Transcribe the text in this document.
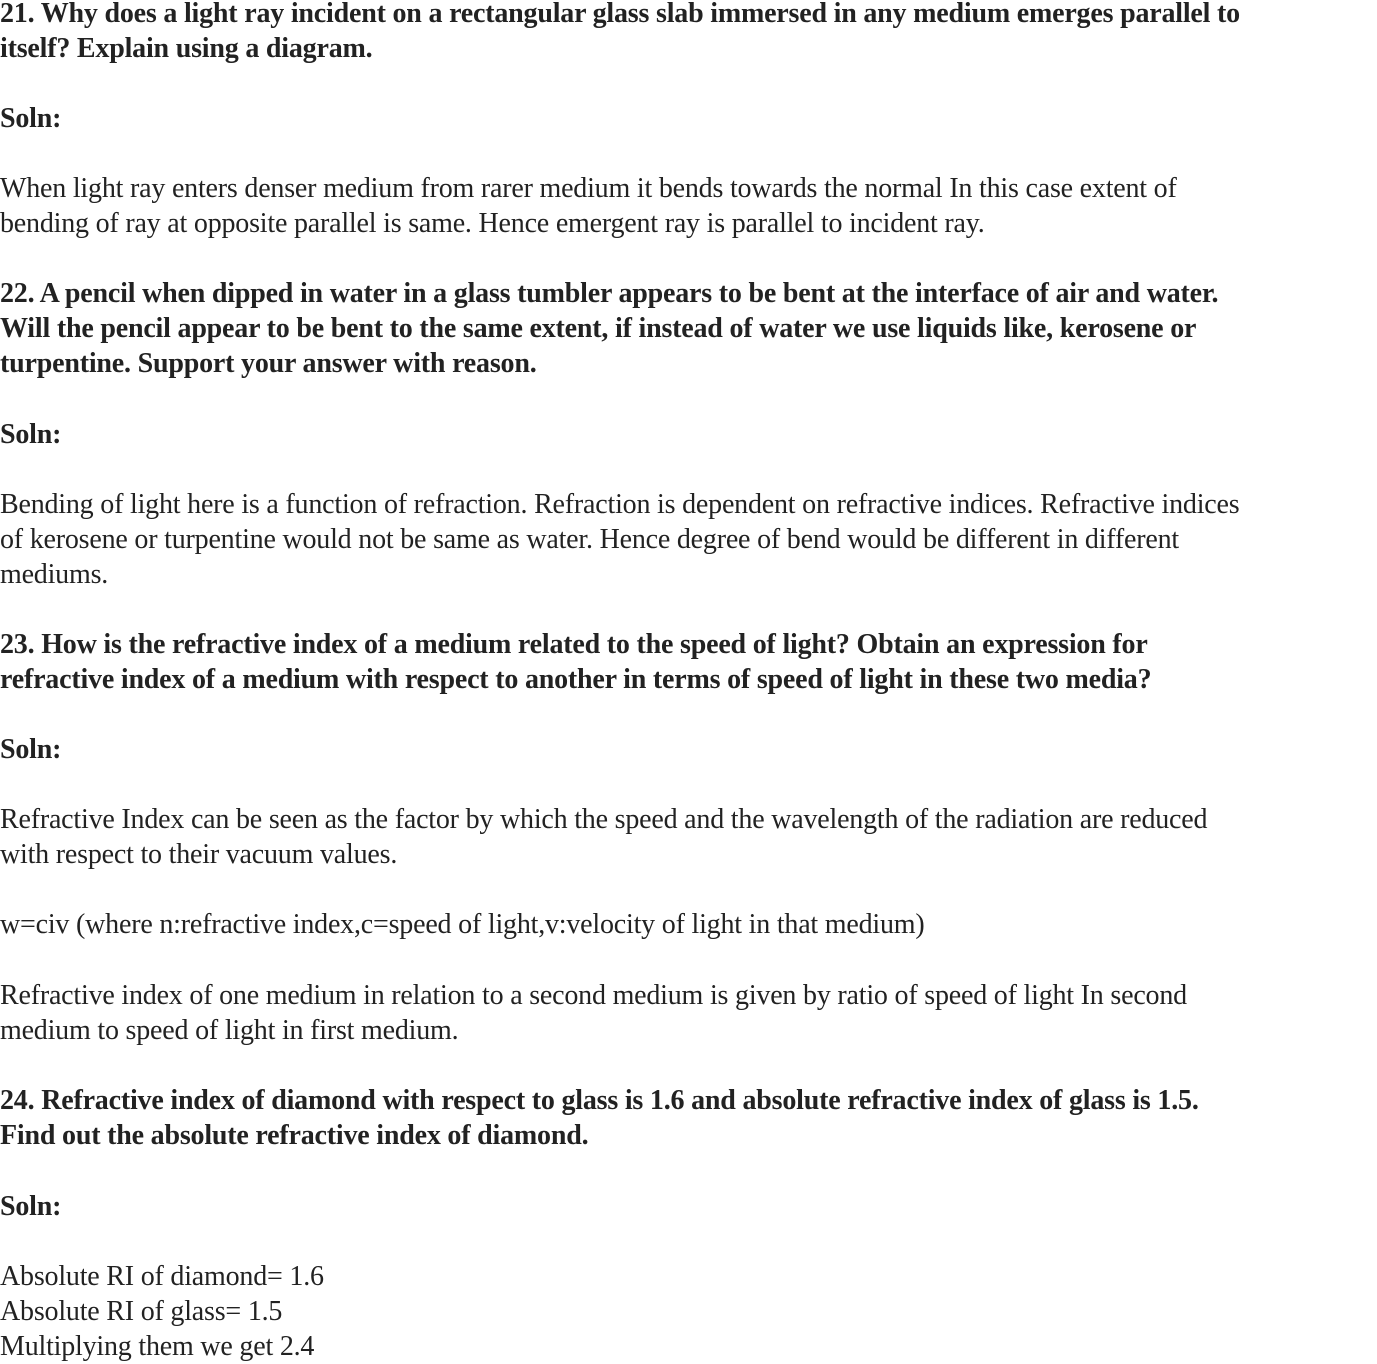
21. Why does a light ray incident on a rectangular glass slab immersed in any medium emerges parallel to
itself? Explain using a diagram.
Soln:
When light ray enters denser medium from rarer medium it bends towards the normal In this case extent of
bending of ray at opposite parallel is same. Hence emergent ray is parallel to incident ray.
22. A pencil when dipped in water in a glass tumbler appears to be bent at the interface of air and water.
Will the pencil appear to be bent to the same extent, if instead of water we use liquids like, kerosene or
turpentine. Support your answer with reason.
Soln:
Bending of light here is a function of refraction. Refraction is dependent on refractive indices. Refractive indices
of kerosene or turpentine would not be same as water. Hence degree of bend would be different in different
mediums.
23. How is the refractive index of a medium related to the speed of light? Obtain an expression for
refractive index of a medium with respect to another in terms of speed of light in these two media?
Soln:
Refractive Index can be seen as the factor by which the speed and the wavelength of the radiation are reduced
with respect to their vacuum values.
w=civ (where n:refractive index,c=speed of light,v:velocity of light in that medium)
Refractive index of one medium in relation to a second medium is given by ratio of speed of light In second
medium to speed of light in first medium.
24. Refractive index of diamond with respect to glass is 1.6 and absolute refractive index of glass is 1.5.
Find out the absolute refractive index of diamond.
Soln:
Absolute RI of diamond= 1.6
Absolute RI of glass= 1.5
Multiplying them we get 2.4
